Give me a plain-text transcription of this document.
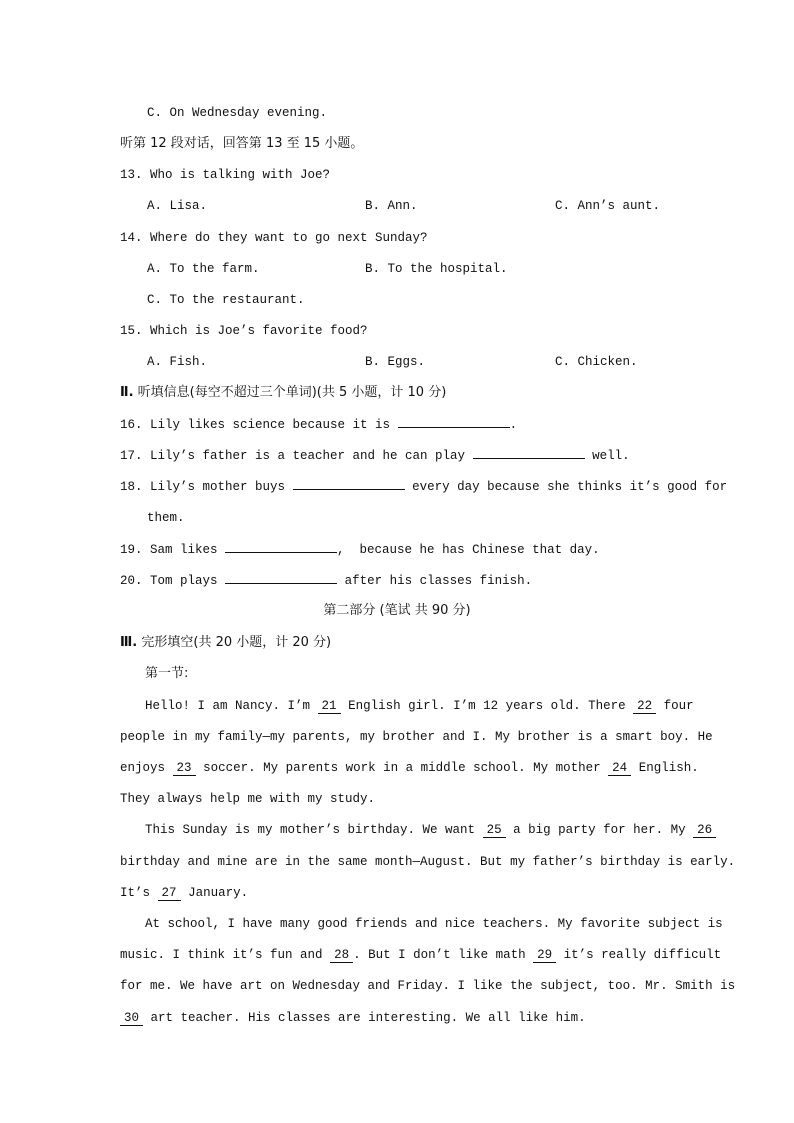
C. On Wednesday evening.
听第 12 段对话，回答第 13 至 15 小题。
13. Who is talking with Joe?
A. Lisa.	B. Ann.	C. Ann’s aunt.
14. Where do they want to go next Sunday?
A. To the farm.	B. To the hospital.
C. To the restaurant.
15. Which is Joe’s favorite food?
A. Fish.	B. Eggs.	C. Chicken.
Ⅱ. 听填信息(每空不超过三个单词)(共 5 小题，计 10 分)
16. Lily likes science because it is	.
17. Lily’s father is a teacher and he can play	well.
18. Lily’s mother buys	every day because she thinks it’s good for
them.
19. Sam likes	,  because he has Chinese that day.
20. Tom plays	after his classes finish.
第二部分 (笔试 共 90 分)
Ⅲ. 完形填空(共 20 小题，计 20 分)
第一节:
Hello! I am Nancy. I’m 21 English girl. I’m 12 years old. There 22 four
people in my family—my parents, my brother and I. My brother is a smart boy. He
enjoys 23 soccer. My parents work in a middle school. My mother 24 English.
They always help me with my study.
This Sunday is my mother’s birthday. We want 25 a big party for her. My 26
birthday and mine are in the same month—August. But my father’s birthday is early.
It’s 27 January.
At school, I have many good friends and nice teachers. My favorite subject is
music. I think it’s fun and 28 . But I don’t like math 29 it’s really difficult
for me. We have art on Wednesday and Friday. I like the subject, too. Mr. Smith is
30 art teacher. His classes are interesting. We all like him.
